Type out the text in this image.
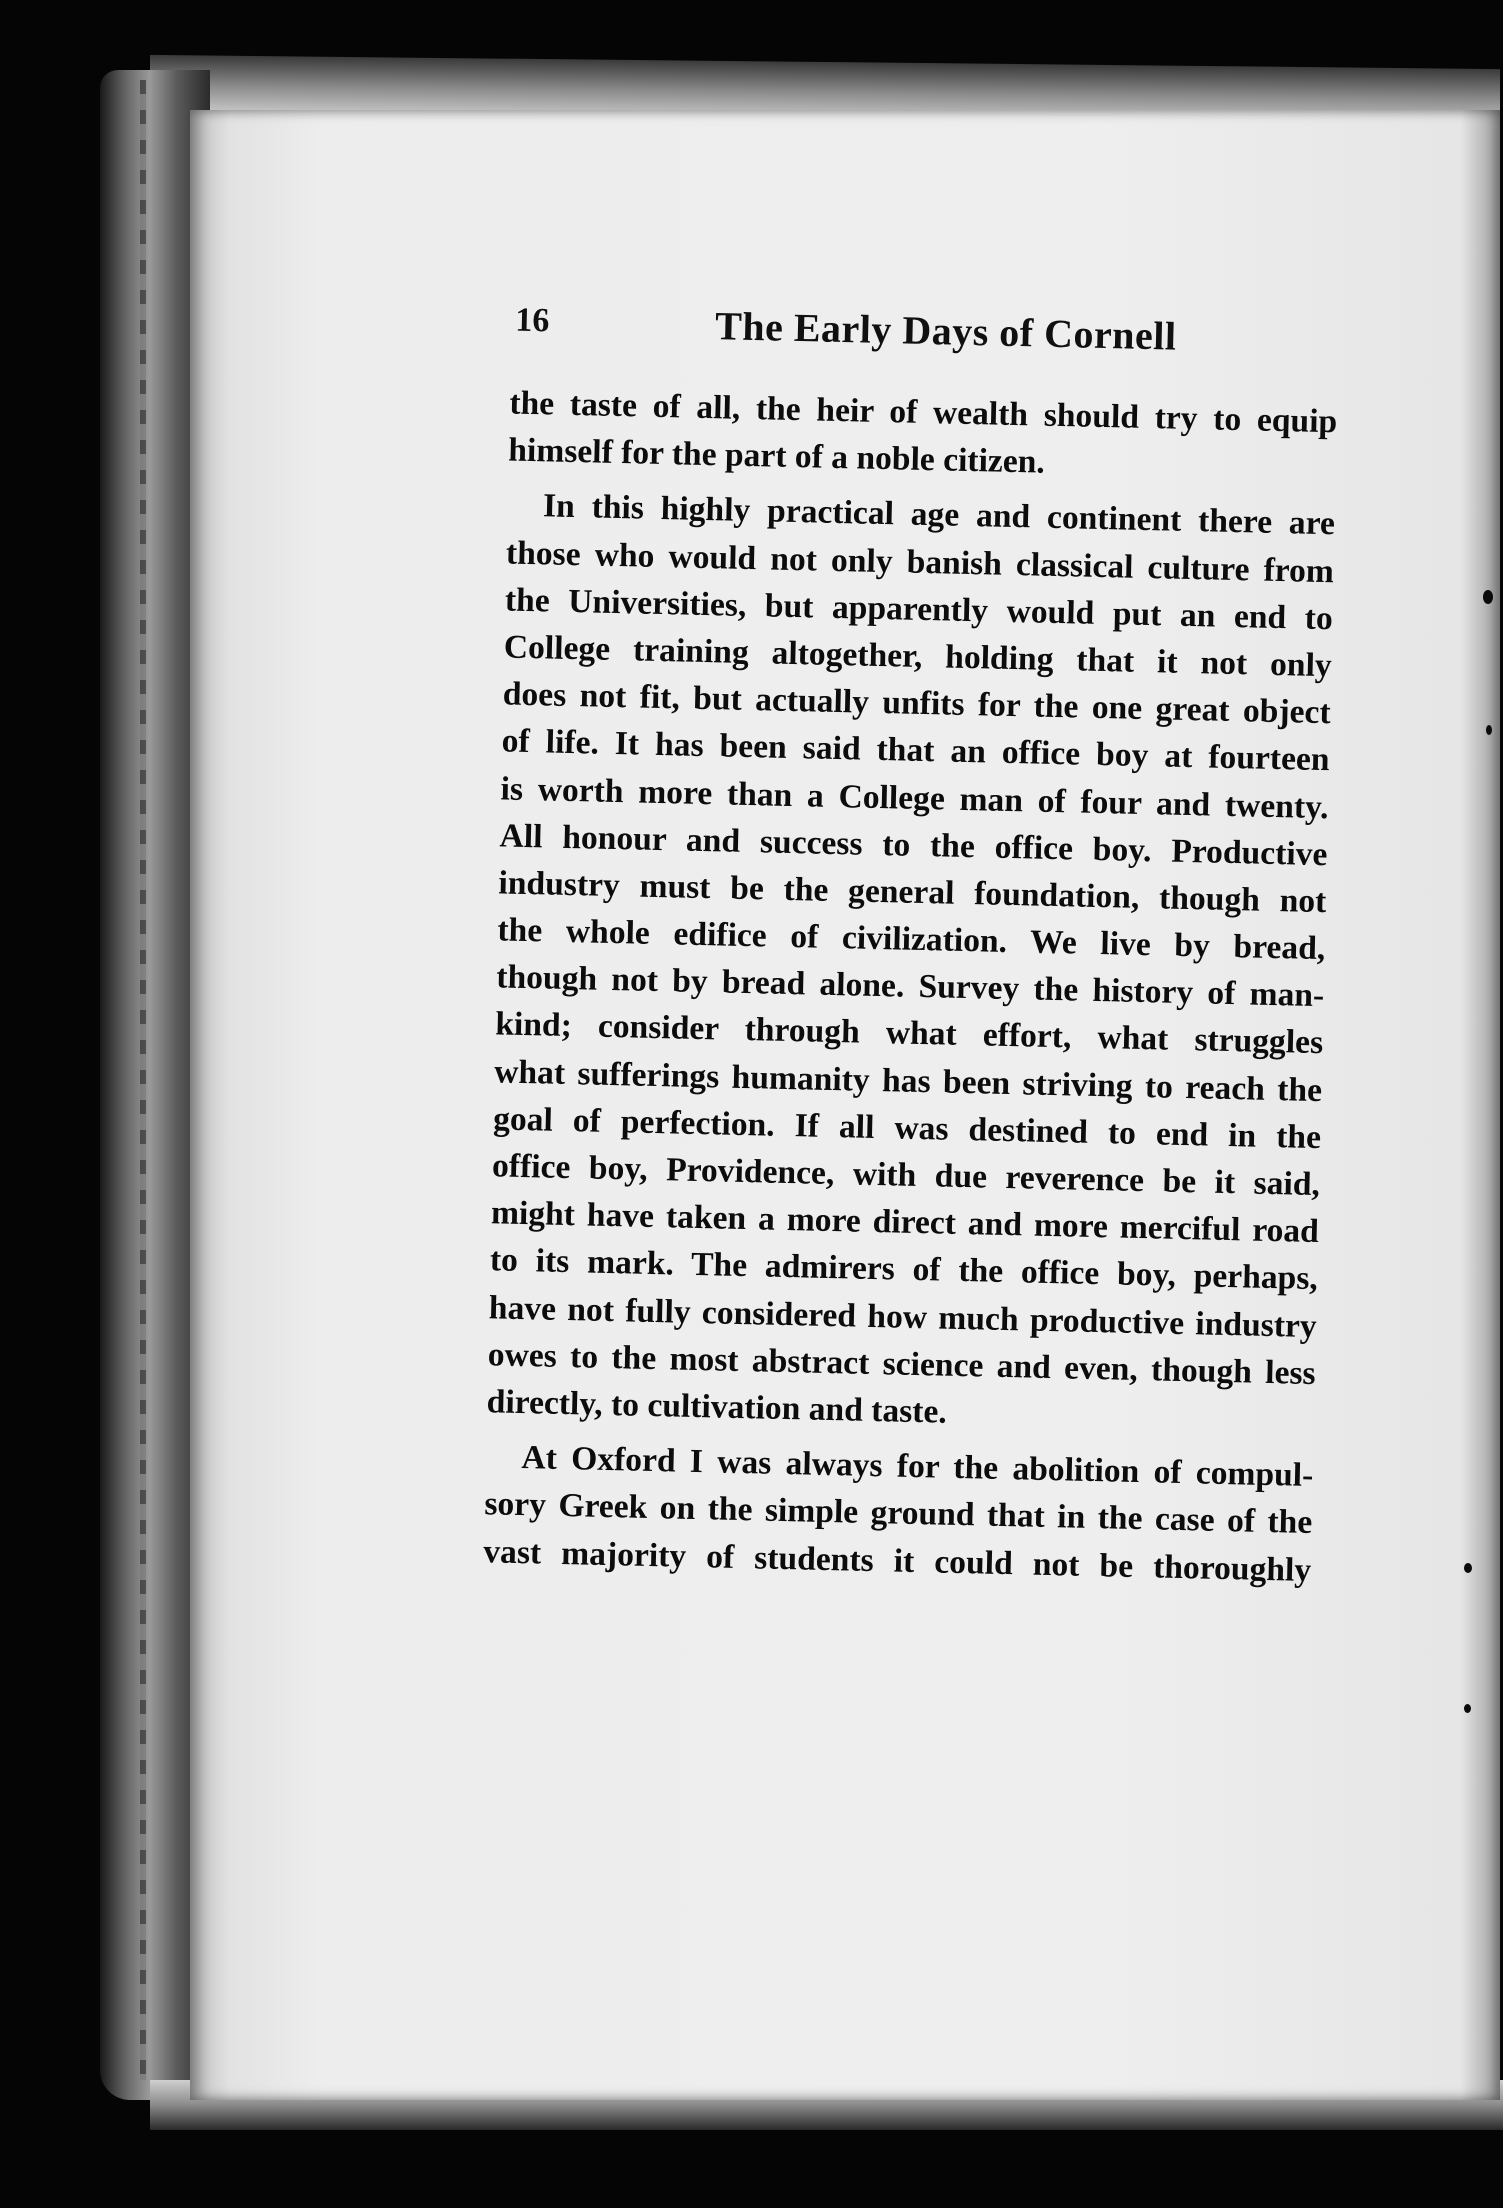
16	The Early Days of Cornell
the taste of all, the heir of wealth should try to equip
himself for the part of a noble citizen.
In this highly practical age and continent there are
those who would not only banish classical culture from
the Universities, but apparently would put an end to
College training altogether, holding that it not only
does not fit, but actually unfits for the one great object
of life. It has been said that an office boy at fourteen
is worth more than a College man of four and twenty.
All honour and success to the office boy. Productive
industry must be the general foundation, though not
the whole edifice of civilization. We live by bread,
though not by bread alone. Survey the history of man-
kind; consider through what effort, what struggles
what sufferings humanity has been striving to reach the
goal of perfection. If all was destined to end in the
office boy, Providence, with due reverence be it said,
might have taken a more direct and more merciful road
to its mark. The admirers of the office boy, perhaps,
have not fully considered how much productive industry
owes to the most abstract science and even, though less
directly, to cultivation and taste.
At Oxford I was always for the abolition of compul-
sory Greek on the simple ground that in the case of the
vast majority of students it could not be thoroughly
